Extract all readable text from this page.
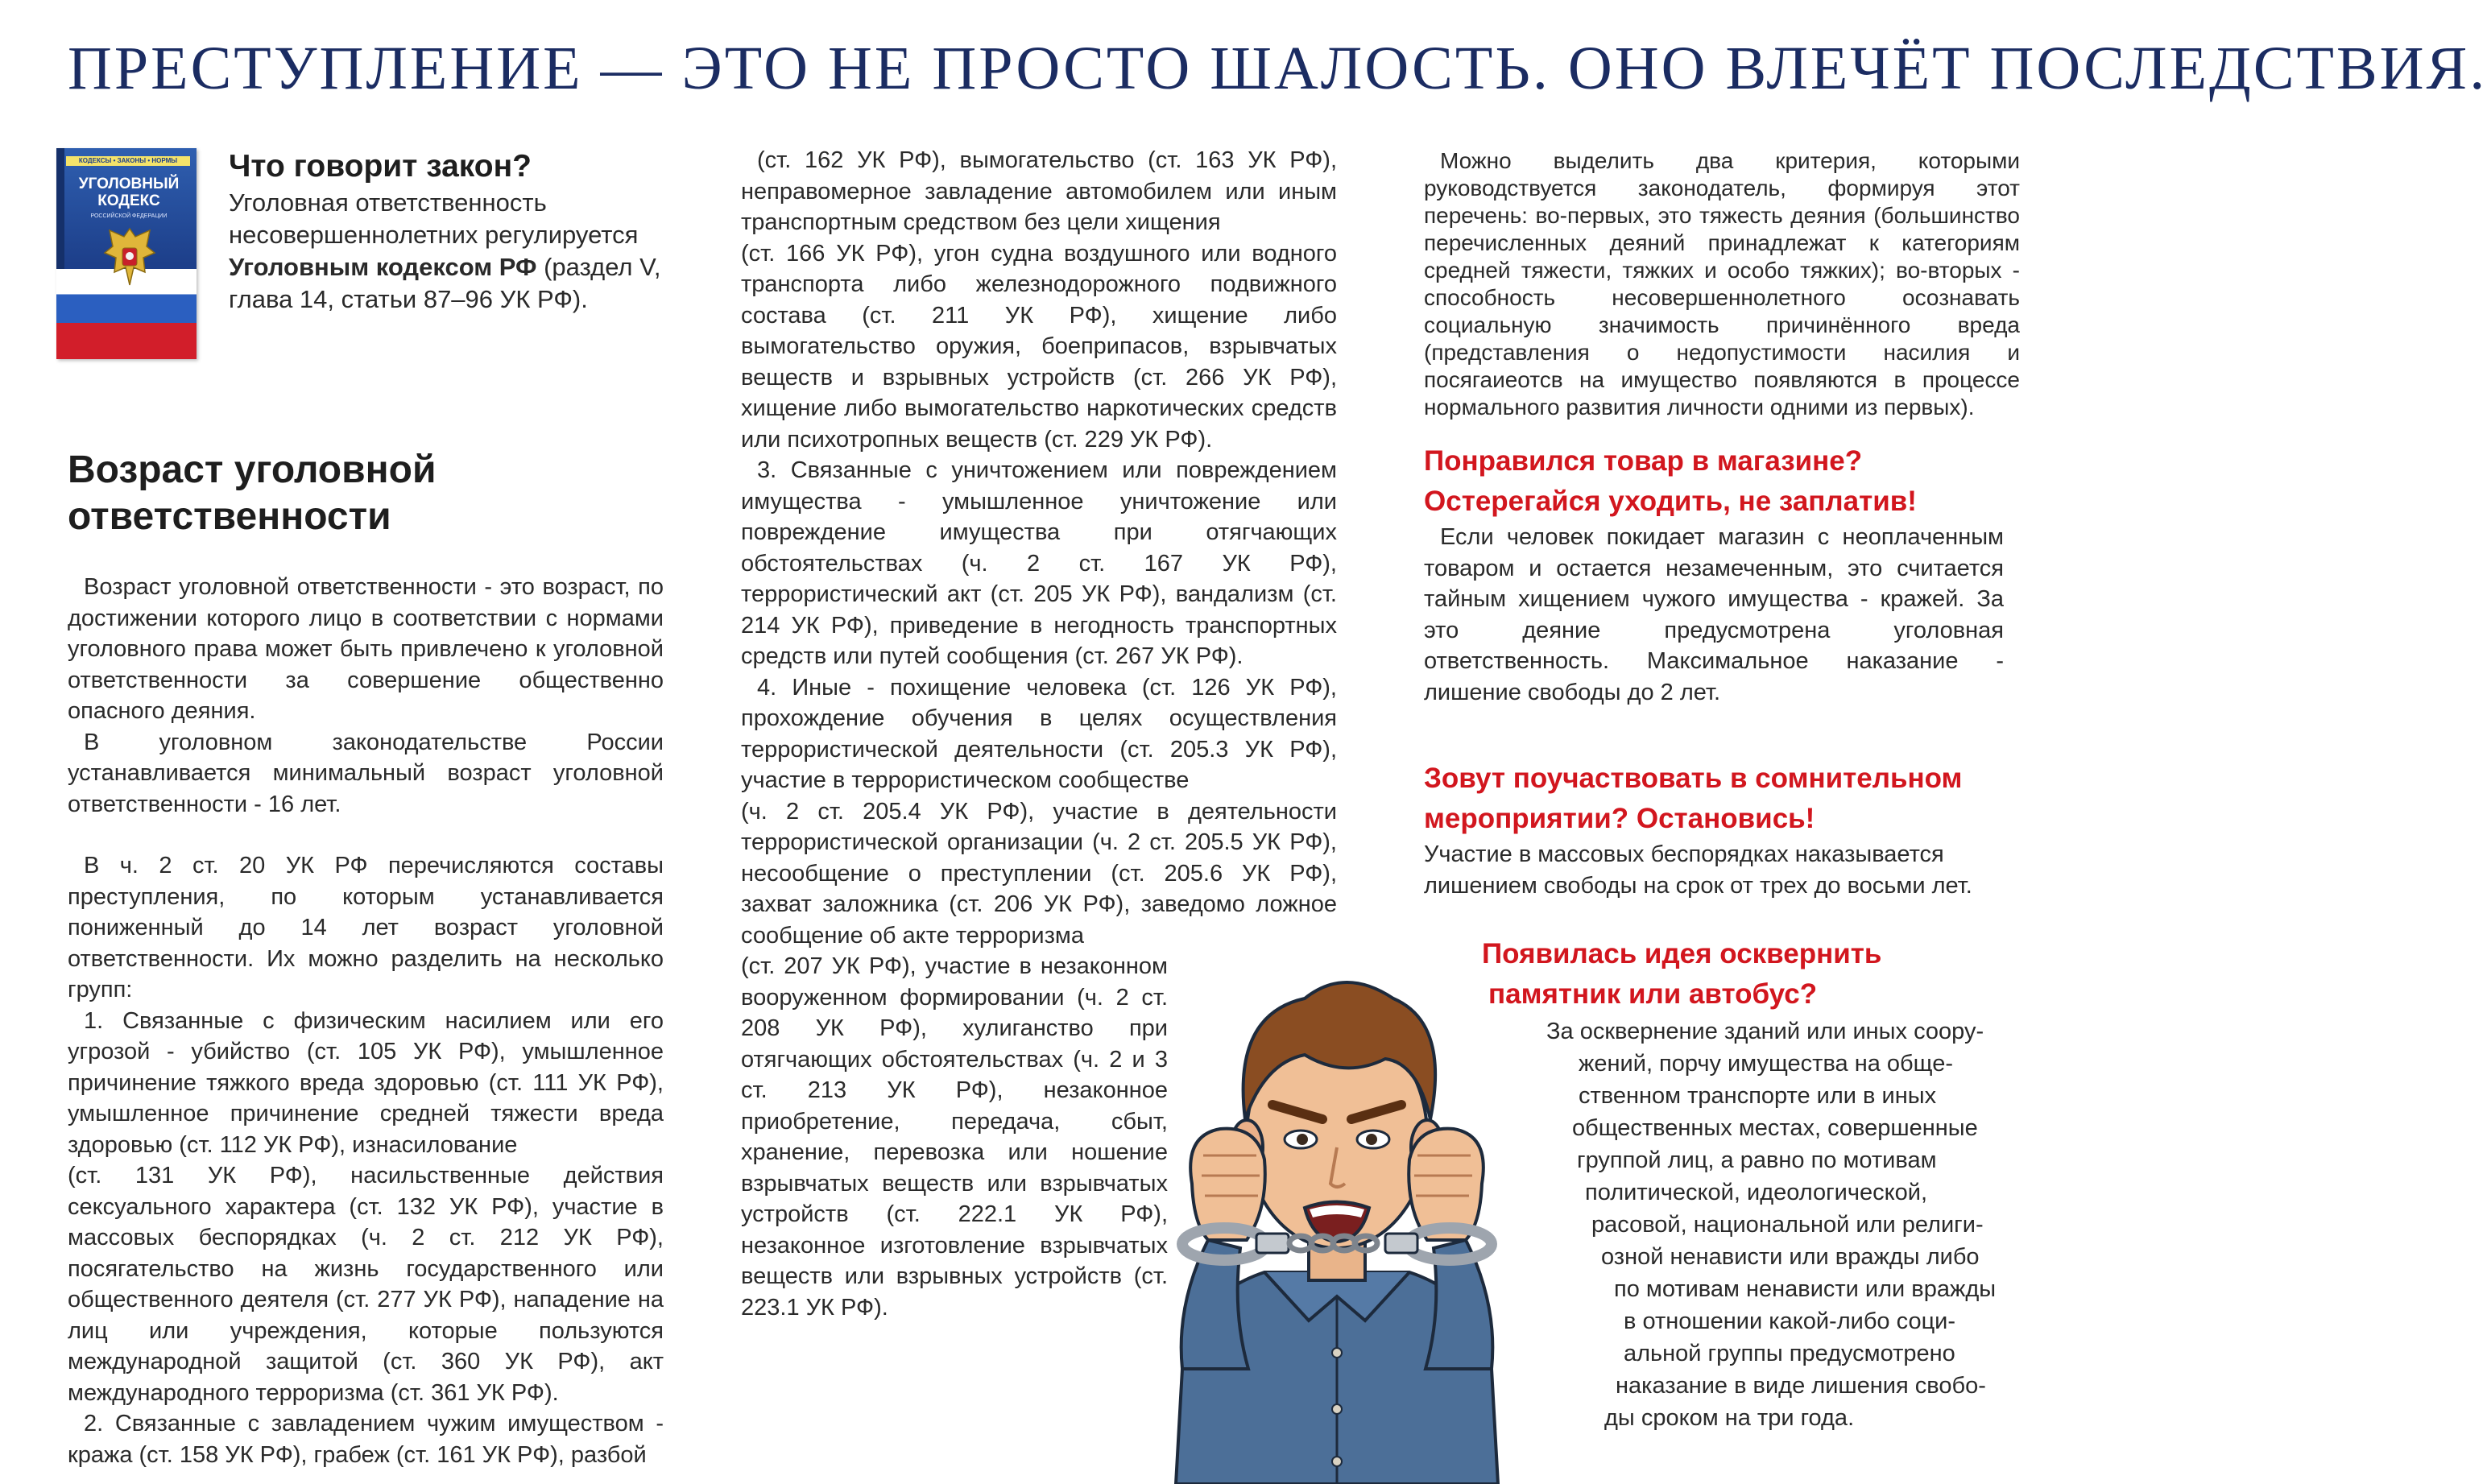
ПРЕСТУПЛЕНИЕ — ЭТО НЕ ПРОСТО ШАЛОСТЬ. ОНО ВЛЕЧЁТ ПОСЛЕДСТВИЯ.
КОДЕКСЫ • ЗАКОНЫ • НОРМЫ
УГОЛОВНЫЙ
КОДЕКС
РОССИЙСКОЙ ФЕДЕРАЦИИ

Что говорит закон?

Уголовная ответственность несовершеннолетних регулируется Уголовным кодексом РФ (раздел V, глава 14, статьи 87–96 УК РФ).
Возраст уголовной ответственности

Возраст уголовной ответственности - это возраст, по достижении которого лицо в соответствии с нормами уголовного права может быть привлечено к уголовной ответственности за совершение общественно опасного деяния.

В уголовном законодательстве России устанавливается минимальный возраст уголовной ответственности - 16 лет.

В ч. 2 ст. 20 УК РФ перечисляются составы преступления, по которым устанавливается пониженный до 14 лет возраст уголовной ответственности. Их можно разделить на несколько групп:

1. Связанные с физическим насилием или его угрозой - убийство (ст. 105 УК РФ), умышленное причинение тяжкого вреда здоровью (ст. 111 УК РФ), умышленное причинение средней тяжести вреда здоровью (ст. 112 УК РФ), изнасилование

(ст. 131 УК РФ), насильственные действия сексуального характера (ст. 132 УК РФ), участие в массовых беспорядках (ч. 2 ст. 212 УК РФ), посягательство на жизнь государственного или общественного деятеля (ст. 277 УК РФ), нападение на лиц или учреждения, которые пользуются международной защитой (ст. 360 УК РФ), акт международного терроризма (ст. 361 УК РФ).

2. Связанные с завладением чужим имуществом - кража (ст. 158 УК РФ), грабеж (ст. 161 УК РФ), разбой

(ст. 162 УК РФ), вымогательство (ст. 163 УК РФ), неправомерное завладение автомобилем или иным транспортным средством без цели хищения

(ст. 166 УК РФ), угон судна воздушного или водного транспорта либо железнодорожного подвижного состава (ст. 211 УК РФ), хищение либо вымогательство оружия, боеприпасов, взрывчатых веществ и взрывных устройств (ст. 266 УК РФ), хищение либо вымогательство наркотических средств или психотропных веществ (ст. 229 УК РФ).

3. Связанные с уничтожением или повреждением имущества - умышленное уничтожение или повреждение имущества при отягчающих обстоятельствах (ч. 2 ст. 167 УК РФ), террористический акт (ст. 205 УК РФ), вандализм (ст. 214 УК РФ), приведение в негодность транспортных средств или путей сообщения (ст. 267 УК РФ).

4. Иные - похищение человека (ст. 126 УК РФ), прохождение обучения в целях осуществления террористической деятельности (ст. 205.3 УК РФ), участие в террористическом сообществе

(ч. 2 ст. 205.4 УК РФ), участие в деятельности террористической организации (ч. 2 ст. 205.5 УК РФ), несообщение о преступлении (ст. 205.6 УК РФ), захват заложника (ст. 206 УК РФ), заведомо ложное сообщение об акте терроризма

(ст. 207 УК РФ), участие в незаконном вооруженном формировании (ч. 2 ст. 208 УК РФ), хулиганство при отягчающих обстоятельствах (ч. 2 и 3 ст. 213 УК РФ), незаконное приобретение, передача, сбыт, хранение, перевозка или ношение взрывчатых веществ или взрывчатых устройств (ст. 222.1 УК РФ), незаконное изготовление взрывчатых веществ или взрывных устройств (ст. 223.1 УК РФ).

Можно выделить два критерия, которыми руководствуется законодатель, формируя этот перечень: во-первых, это тяжесть деяния (большинство перечисленных деяний принадлежат к категориям средней тяжести, тяжких и особо тяжких); во-вторых - способность несовершеннолетного осознавать социальную значимость причинённого вреда (представления о недопустимости насилия и посягаиеотсв на имущество появляются в процессе нормального развития личности одними из первых).

Понравился товар в магазине?

Остерегайся уходить, не заплатив!

Если человек покидает магазин с неоплаченным товаром и остается незамеченным, это считается тайным хищением чужого имущества - кражей. За это деяние предусмотрена уголовная ответственность. Максимальное наказание - лишение свободы до 2 лет.

Зовут поучаствовать в сомнительном

мероприятии? Остановись!

Участие в массовых беспорядках наказывается лишением свободы на срок от трех до восьми лет.

Появилась идея осквернить

памятник или автобус?

За осквернение зданий или иных соору-
жений, порчу имущества на обще-
ственном транспорте или в иных
общественных местах, совершенные
группой лиц, а равно по мотивам
политической, идеологической,
расовой, национальной или религи-
озной ненависти или вражды либо
по мотивам ненависти или вражды
в отношении какой-либо соци-
альной группы предусмотрено
наказание в виде лишения свобо-
ды сроком на три года.
